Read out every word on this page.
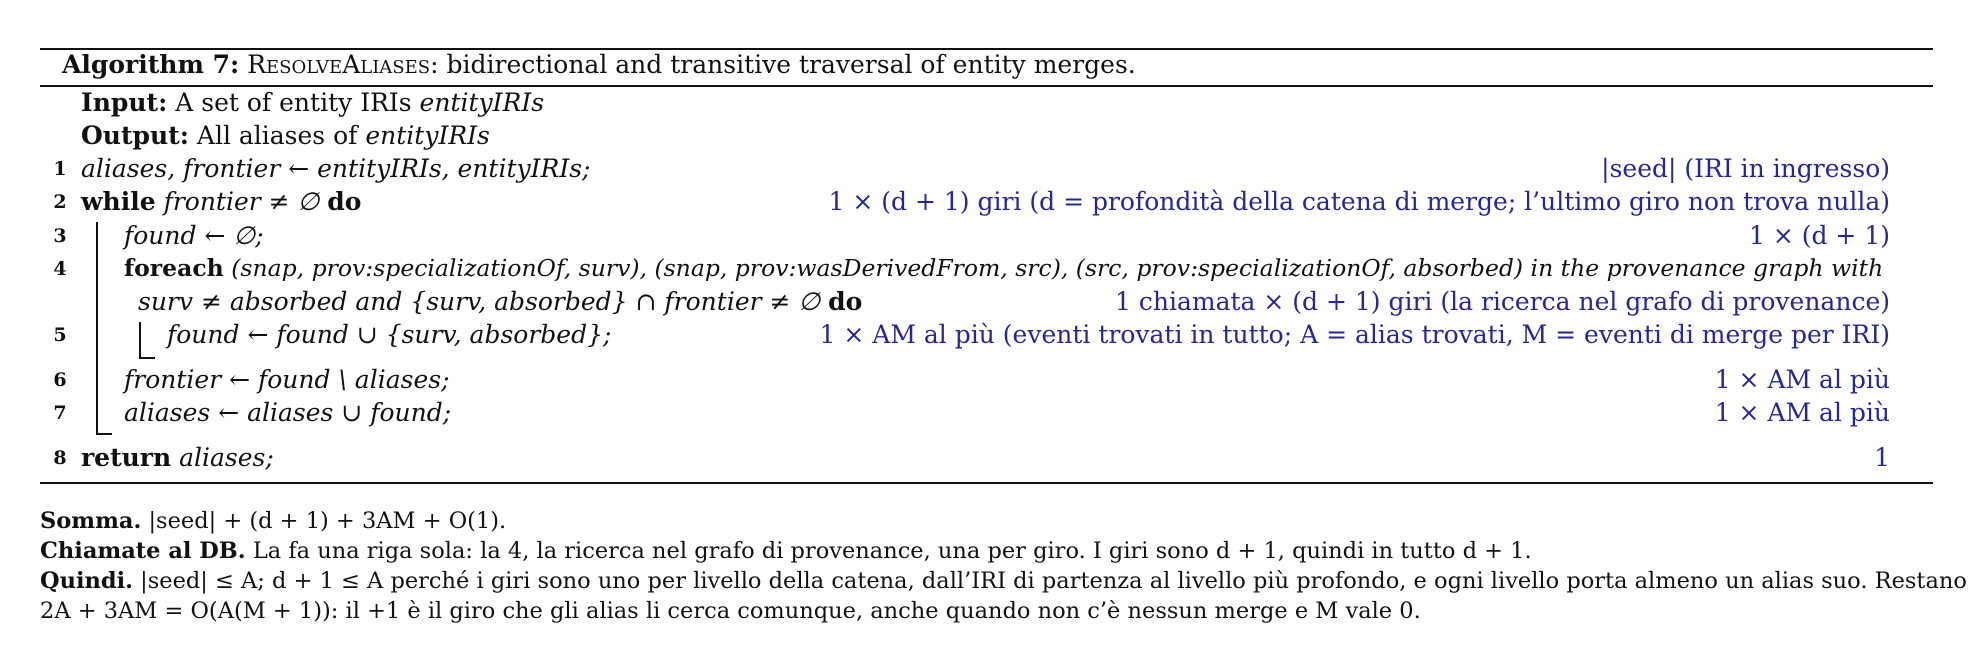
Algorithm 7: ResolveAliases: bidirectional and transitive traversal of entity merges.
Input: A set of entity IRIs entityIRIs
Output: All aliases of entityIRIs
1 aliases, frontier ← entityIRIs, entityIRIs;	|seed| (IRI in ingresso)
2 while frontier ≠ ∅ do	1 × (d + 1) giri (d = profondità della catena di merge; l’ultimo giro non trova nulla)
3 found ← ∅;	1 × (d + 1)
4 foreach (snap, prov:specializationOf, surv), (snap, prov:wasDerivedFrom, src), (src, prov:specializationOf, absorbed) in the provenance graph with
surv ≠ absorbed and {surv, absorbed} ∩ frontier ≠ ∅ do	1 chiamata × (d + 1) giri (la ricerca nel grafo di provenance)
5	found ← found ∪ {surv, absorbed};	1 × AM al più (eventi trovati in tutto; A = alias trovati, M = eventi di merge per IRI)
6 frontier ← found \ aliases;	1 × AM al più
7 aliases ← aliases ∪ found;	1 × AM al più
8 return aliases;	1

Somma. |seed| + (d + 1) + 3AM + O(1).

Chiamate al DB. La fa una riga sola: la 4, la ricerca nel grafo di provenance, una per giro. I giri sono d + 1, quindi in tutto d + 1.

Quindi. |seed| ≤ A; d + 1 ≤ A perché i giri sono uno per livello della catena, dall’IRI di partenza al livello più profondo, e ogni livello porta almeno un alias suo. Restano

2A + 3AM = O(A(M + 1)): il +1 è il giro che gli alias li cerca comunque, anche quando non c’è nessun merge e M vale 0.
